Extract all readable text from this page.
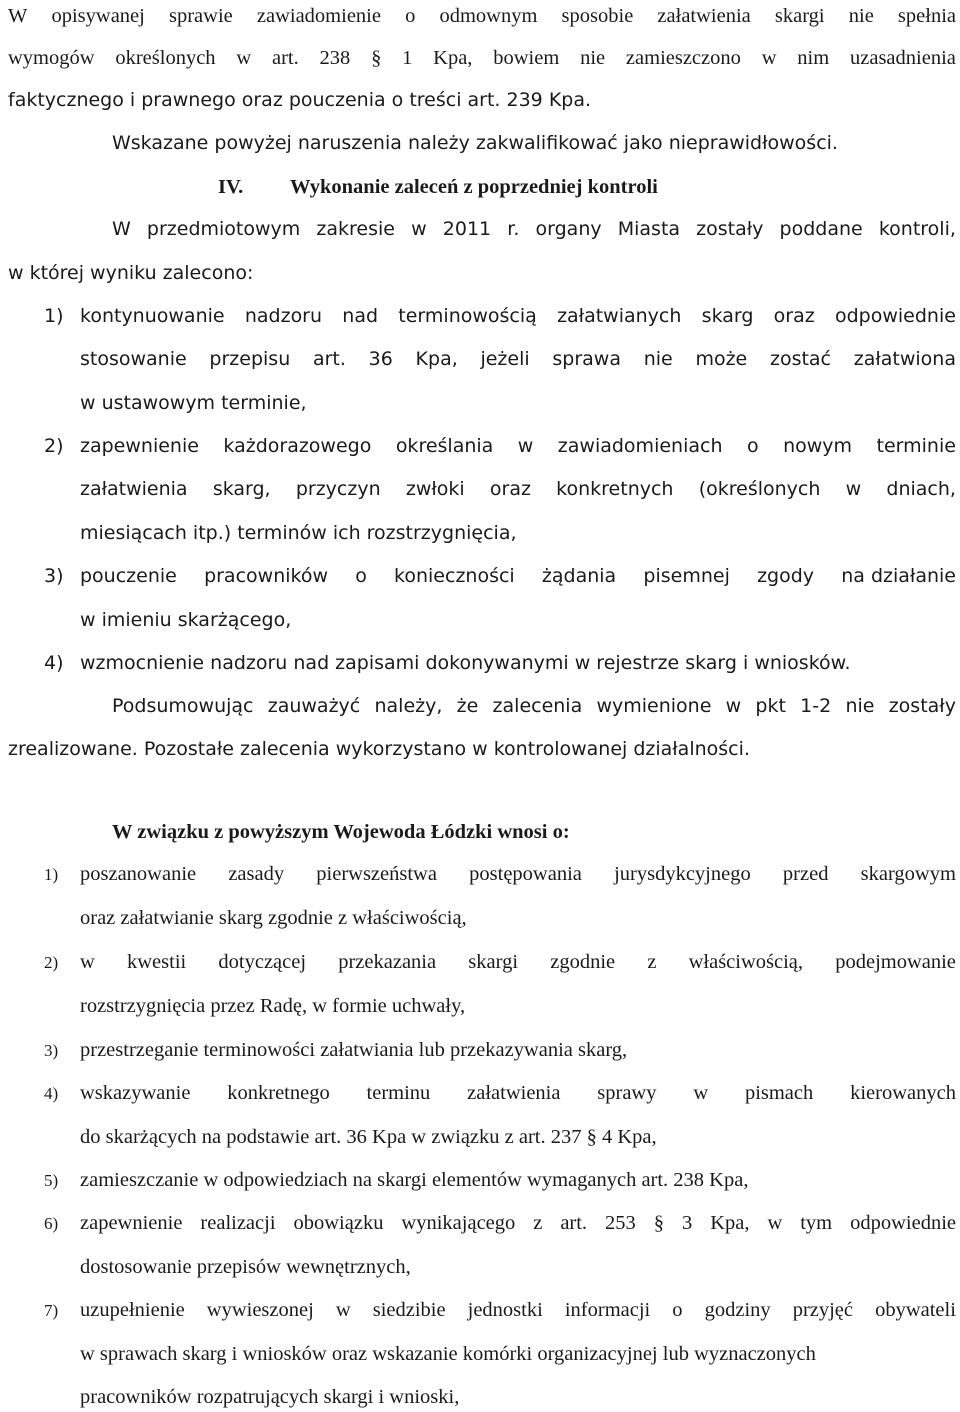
W opisywanej sprawie zawiadomienie o odmownym sposobie załatwienia skargi nie spełnia
wymogów określonych w art. 238 § 1 Kpa, bowiem nie zamieszczono w nim uzasadnienia
faktycznego i prawnego oraz pouczenia o treści art. 239 Kpa.
Wskazane powyżej naruszenia należy zakwalifikować jako nieprawidłowości.
IV. Wykonanie zaleceń z poprzedniej kontroli
W przedmiotowym zakresie w 2011 r. organy Miasta zostały poddane kontroli,
w której wyniku zalecono:
1) kontynuowanie nadzoru nad terminowością załatwianych skarg oraz odpowiednie
stosowanie przepisu art. 36 Kpa, jeżeli sprawa nie może zostać załatwiona
w ustawowym terminie,
2) zapewnienie każdorazowego określania w zawiadomieniach o nowym terminie
załatwienia skarg, przyczyn zwłoki oraz konkretnych (określonych w dniach,
miesiącach itp.) terminów ich rozstrzygnięcia,
3) pouczenie pracowników o konieczności żądania pisemnej zgody na działanie
w imieniu skarżącego,
4) wzmocnienie nadzoru nad zapisami dokonywanymi w rejestrze skarg i wniosków.
Podsumowując zauważyć należy, że zalecenia wymienione w pkt 1-2 nie zostały
zrealizowane. Pozostałe zalecenia wykorzystano w kontrolowanej działalności.
W związku z powyższym Wojewoda Łódzki wnosi o:
1) poszanowanie zasady pierwszeństwa postępowania jurysdykcyjnego przed skargowym
oraz załatwianie skarg zgodnie z właściwością,
2) w kwestii dotyczącej przekazania skargi zgodnie z właściwością, podejmowanie
rozstrzygnięcia przez Radę, w formie uchwały,
3) przestrzeganie terminowości załatwiania lub przekazywania skarg,
4) wskazywanie konkretnego terminu załatwienia sprawy w pismach kierowanych
do skarżących na podstawie art. 36 Kpa w związku z art. 237 § 4 Kpa,
5) zamieszczanie w odpowiedziach na skargi elementów wymaganych art. 238 Kpa,
6) zapewnienie realizacji obowiązku wynikającego z art. 253 § 3 Kpa, w tym odpowiednie
dostosowanie przepisów wewnętrznych,
7) uzupełnienie wywieszonej w siedzibie jednostki informacji o godziny przyjęć obywateli
w sprawach skarg i wniosków oraz wskazanie komórki organizacyjnej lub wyznaczonych
pracowników rozpatrujących skargi i wnioski,
